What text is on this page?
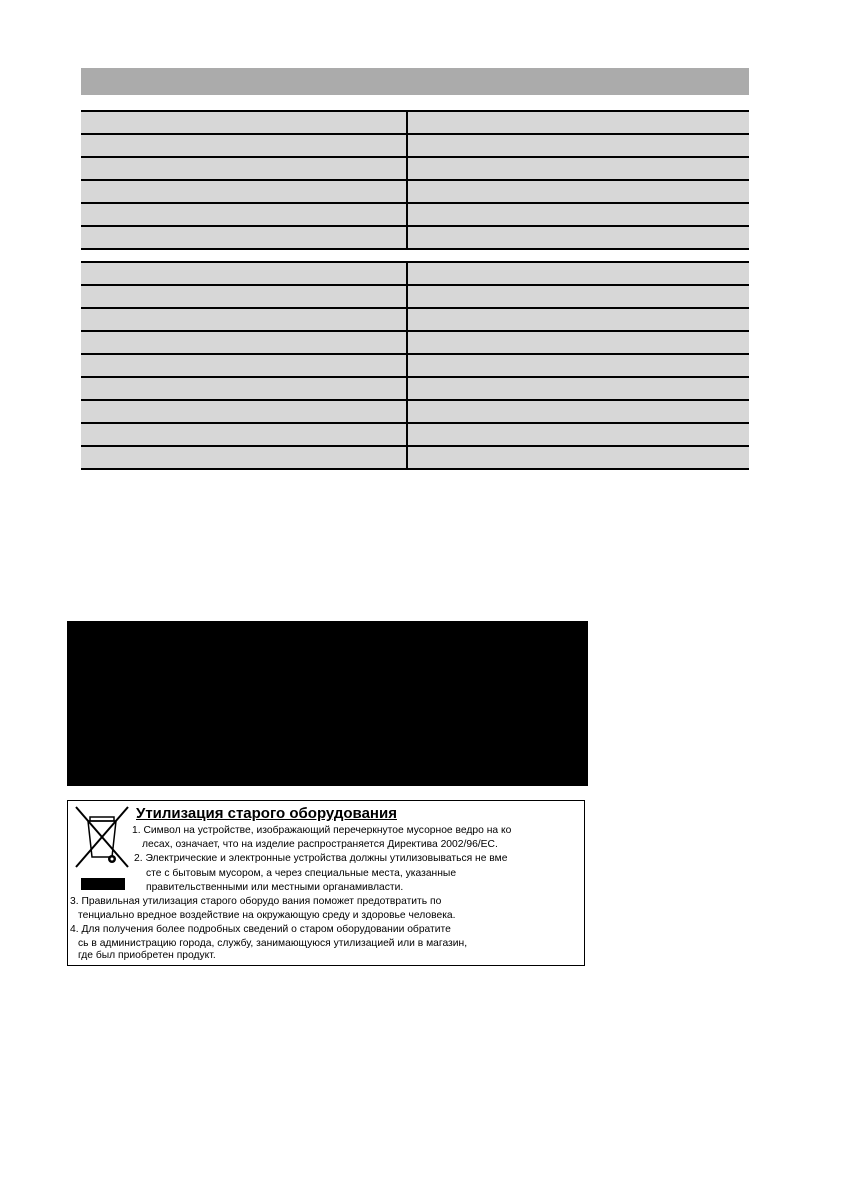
Утилизация старого оборудования
1. Символ на устройстве, изображающий перечеркнутое мусорное ведро на ко
лесах, означает, что на изделие распространяется Директива 2002/96/ЕС.
2. Электрические и электронные устройства должны утилизовываться не вме
сте с бытовым мусором, а через специальные места, указанные
правительственными или местными органамивласти.
3. Правильная утилизация старого оборудо вания поможет предотвратить по
тенциально вредное воздействие на окружающую среду и здоровье человека.
4. Для получения более подробных сведений о старом оборудовании обратите
сь в администрацию города, службу, занимающуюся утилизацией или в магазин,
где был приобретен продукт.
